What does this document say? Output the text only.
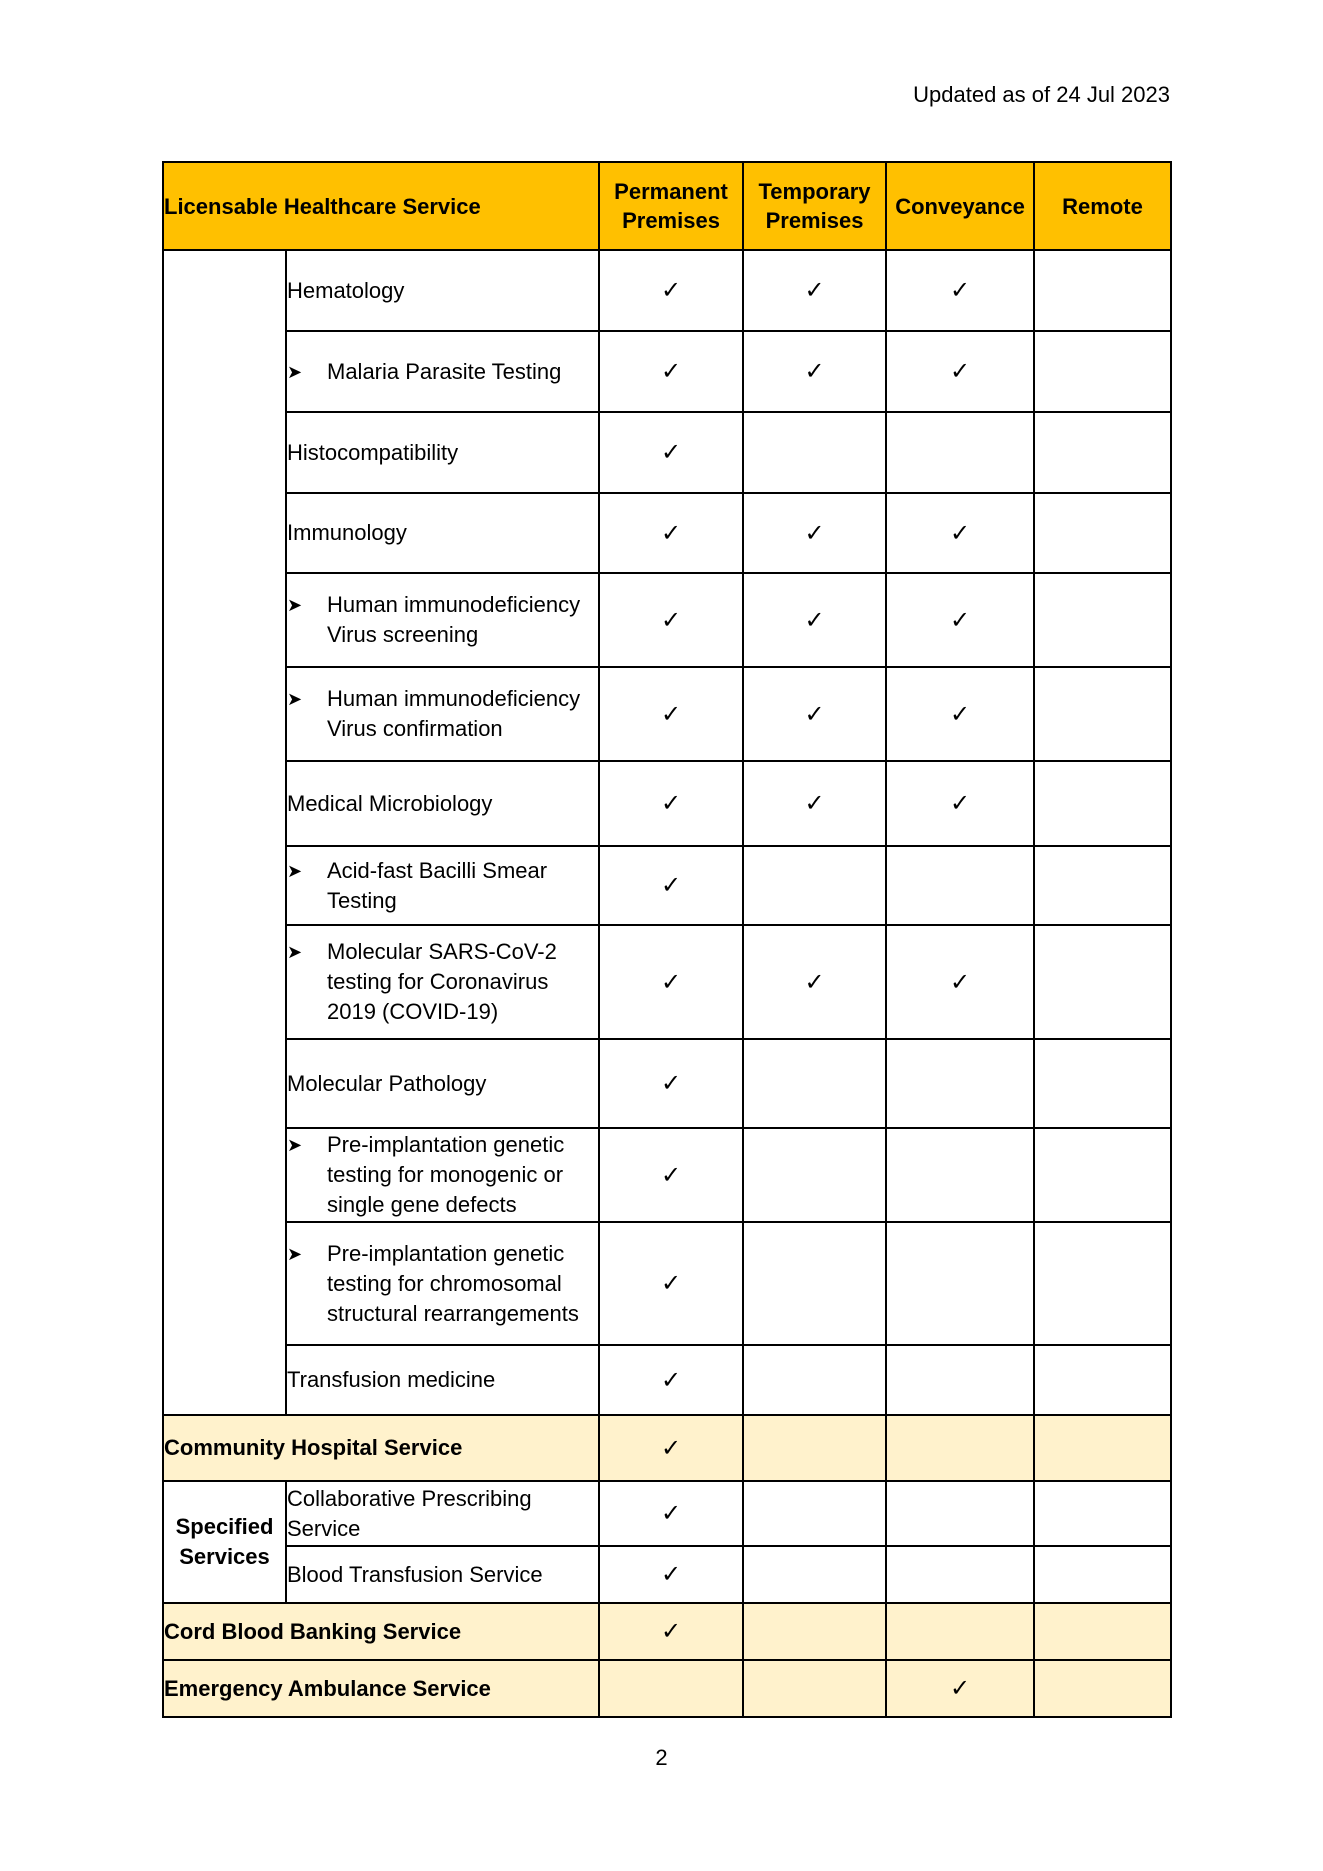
Updated as of 24 Jul 2023
Licensable Healthcare Service		Permanent Premises	Temporary Premises	Conveyance	Remote
	Hematology	✓	✓	✓	

	➤ Malaria Parasite Testing	✓	✓	✓	
	Histocompatibility	✓			
	Immunology	✓	✓	✓	

	➤ Human immunodeficiency Virus screening	✓	✓	✓	

	➤ Human immunodeficiency Virus confirmation	✓	✓	✓	
	Medical Microbiology	✓	✓	✓	

	➤ Acid-fast Bacilli Smear Testing	✓			

	➤ Molecular SARS-CoV-2 testing for Coronavirus 2019 (COVID-19)	✓	✓	✓	
	Molecular Pathology	✓			

	➤ Pre-implantation genetic testing for monogenic or single gene defects	✓			

	➤ Pre-implantation genetic testing for chromosomal structural rearrangements	✓			
	Transfusion medicine	✓			
Community Hospital Service		✓			
Specified Services	Collaborative Prescribing Service	✓			
	Blood Transfusion Service	✓			
Cord Blood Banking Service		✓			
Emergency Ambulance Service				✓	
2
